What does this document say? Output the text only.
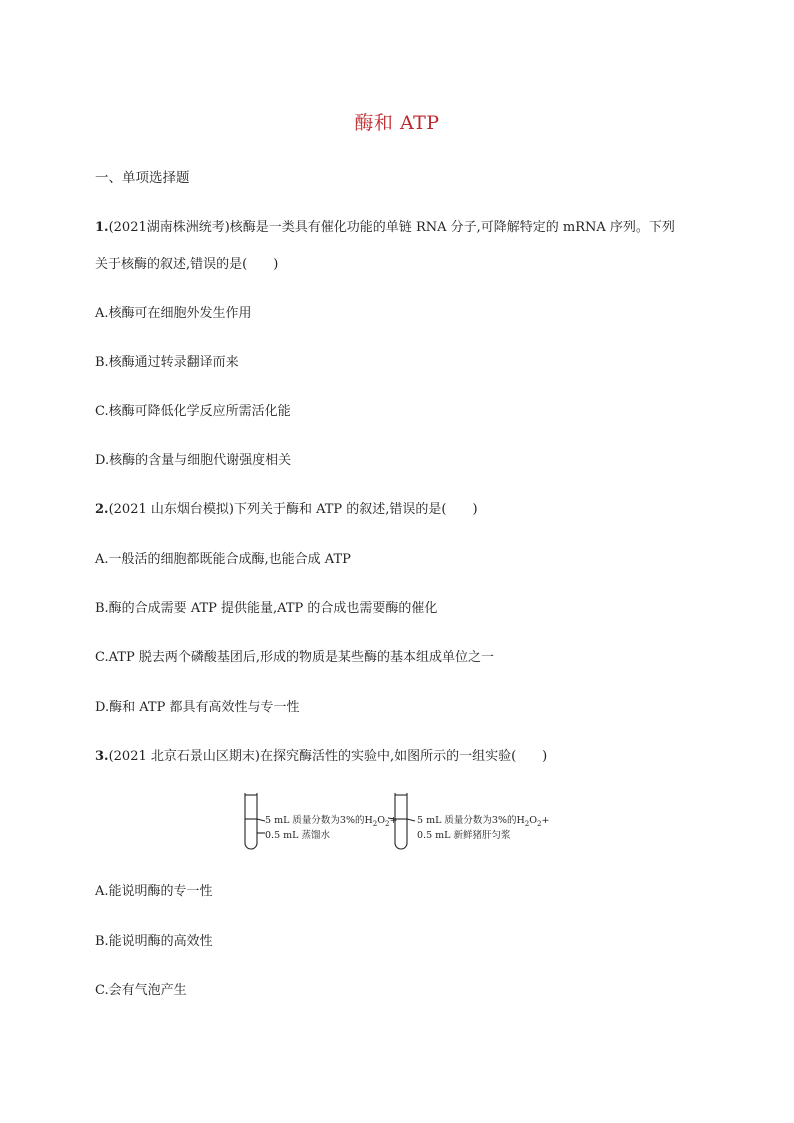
酶和 ATP
一、单项选择题
1.(2021湖南株洲统考)核酶是一类具有催化功能的单链 RNA 分子,可降解特定的 mRNA 序列。下列
关于核酶的叙述,错误的是(　　)
A.核酶可在细胞外发生作用
B.核酶通过转录翻译而来
C.核酶可降低化学反应所需活化能
D.核酶的含量与细胞代谢强度相关
2.(2021 山东烟台模拟)下列关于酶和 ATP 的叙述,错误的是(　　)
A.一般活的细胞都既能合成酶,也能合成 ATP
B.酶的合成需要 ATP 提供能量,ATP 的合成也需要酶的催化
C.ATP 脱去两个磷酸基团后,形成的物质是某些酶的基本组成单位之一
D.酶和 ATP 都具有高效性与专一性
3.(2021 北京石景山区期末)在探究酶活性的实验中,如图所示的一组实验(　　)
5 mL 质量分数为3%的$H_2O_2+$
0.5 mL 蒸馏水
5 mL 质量分数为3%的$H_2O_2+$
0.5 mL 新鲜猪肝匀浆
A.能说明酶的专一性
B.能说明酶的高效性
C.会有气泡产生
